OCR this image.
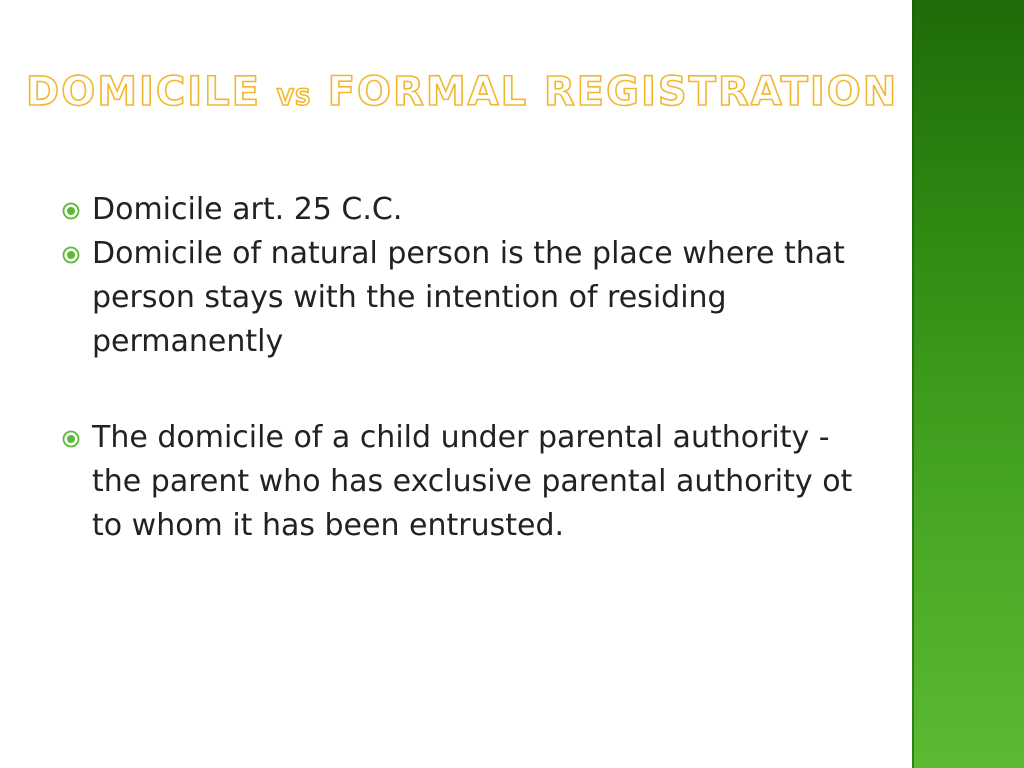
DOMICILE VS FORMAL REGISTRATION
Domicile art. 25 C.C.
Domicile of natural person is the place where that person stays with the intention of residing permanently
The domicile of a child under parental authority - the parent who has exclusive parental authority ot to whom it has been entrusted.
